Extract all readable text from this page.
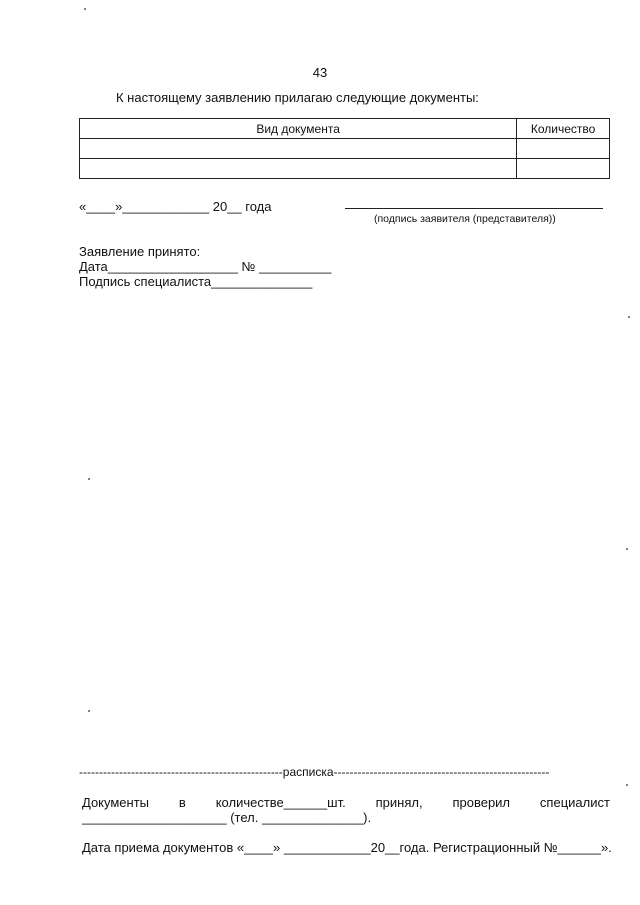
43
К настоящему заявлению прилагаю следующие документы:
Вид документа	Количество

«____»____________ 20__ года
(подпись заявителя (представителя))
Заявление принято:
Дата__________________ № __________
Подпись специалиста______________
---------------------------------------------------расписка------------------------------------------------------
Документы в количестве______шт. принял, проверил специалист
____________________ (тел. ______________).
Дата приема документов «____» ____________20__года. Регистрационный №______».
